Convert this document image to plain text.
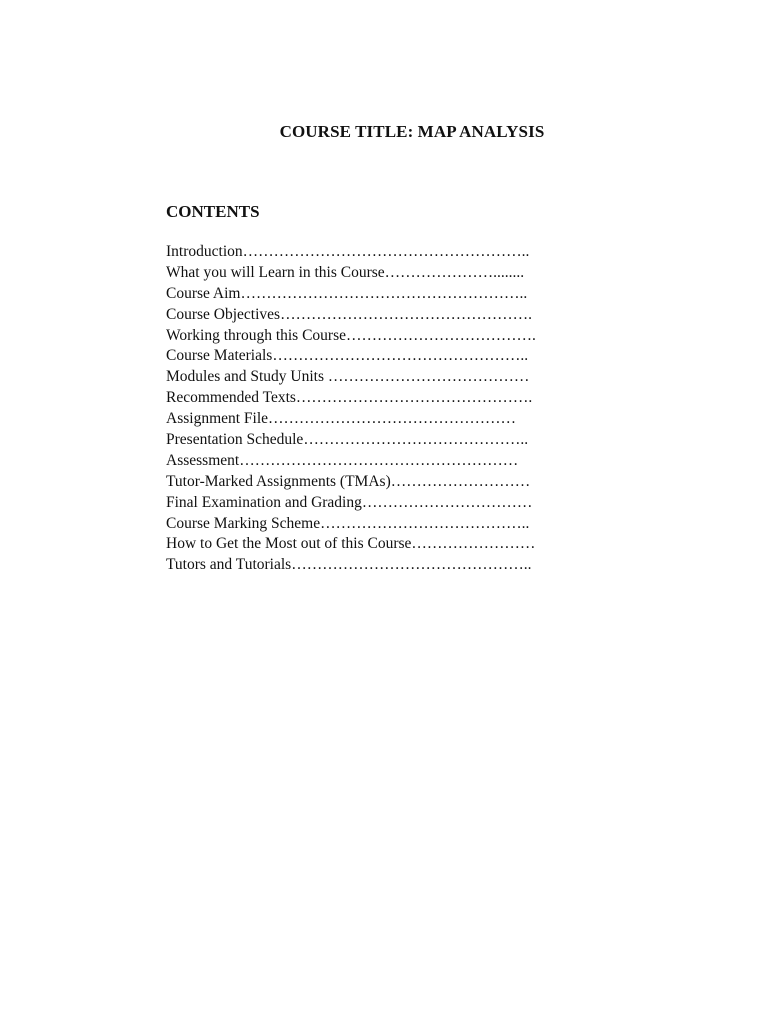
COURSE TITLE: MAP ANALYSIS
CONTENTS
Introduction………………………………………………..
What you will Learn in this Course…………………........
Course Aim………………………………………………..
Course Objectives………………………………………….
Working through this Course……………………………….
Course Materials…………………………………………..
Modules and Study Units …………………………………
Recommended Texts……………………………………….
Assignment File…………………………………………
Presentation Schedule……………………………………..
Assessment………………………………………………
Tutor-Marked Assignments (TMAs)………………………
Final Examination and Grading……………………………
Course Marking Scheme…………………………………..
How to Get the Most out of this Course……………………
Tutors and Tutorials………………………………………..
